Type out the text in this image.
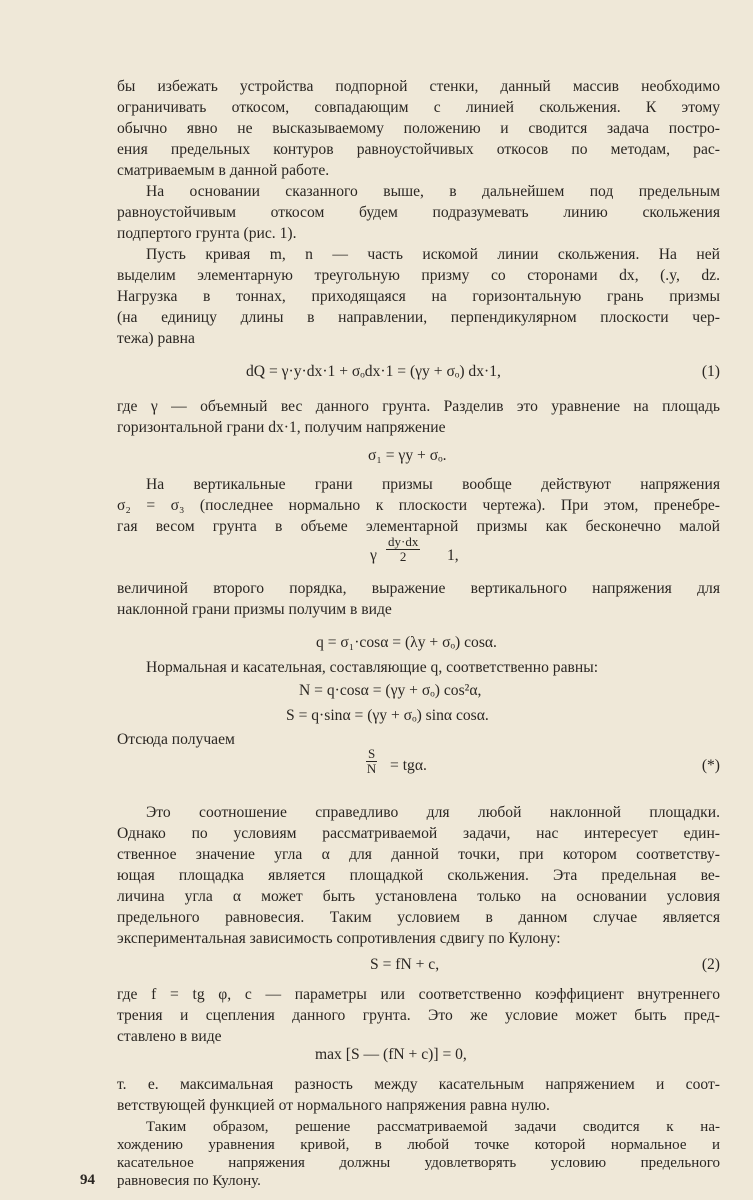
бы избежать устройства подпорной стенки, данный массив необходимо
ограничивать откосом, совпадающим с линией скольжения. К этому
обычно явно не высказываемому положению и сводится задача постро-
ения предельных контуров равноустойчивых откосов по методам, рас-
сматриваемым в данной работе.
На основании сказанного выше, в дальнейшем под предельным
равноустойчивым откосом будем подразумевать линию скольжения
подпертого грунта (рис. 1).
Пусть кривая m, n — часть искомой линии скольжения. На ней
выделим элементарную треугольную призму со сторонами dx, (.y, dz.
Нагрузка в тоннах, приходящаяся на горизонтальную грань призмы
(на единицу длины в направлении, перпендикулярном плоскости чер-
тежа) равна
dQ = γ·y·dx·1 + σₒdx·1 = (γy + σₒ) dx·1,	(1)
где γ — объемный вес данного грунта. Разделив это уравнение на площадь
горизонтальной грани dx·1, получим напряжение
σ₁ = γy + σₒ.
На вертикальные грани призмы вообще действуют напряжения
σ₂ = σ₃ (последнее нормально к плоскости чертежа). При этом, пренебре-
гая весом грунта в объеме элементарной призмы как бесконечно малой
γ $\frac{dy\cdot dx}{2} 1$,
величиной второго порядка, выражение вертикального напряжения для
наклонной грани призмы получим в виде
q = σ₁·cosα = (λy + σₒ) cosα.
Нормальная и касательная, составляющие q, соответственно равны:
N = q·cosα = (γy + σₒ) cos²α,
S = q·sinα = (γy + σₒ) sinα cosα.
Отсюда получаем
$\frac{S}{N} = tg\alpha$.	(*)
Это соотношение справедливо для любой наклонной площадки.
Однако по условиям рассматриваемой задачи, нас интересует един-
ственное значение угла α для данной точки, при котором соответству-
ющая площадка является площадкой скольжения. Эта предельная ве-
личина угла α может быть установлена только на основании условия
предельного равновесия. Таким условием в данном случае является
экспериментальная зависимость сопротивления сдвигу по Кулону:
S = fN + c,	(2)
где f = tg φ, c — параметры или соответственно коэффициент внутреннего
трения и сцепления данного грунта. Это же условие может быть пред-
ставлено в виде
max [S — (fN + c)] = 0,
т. е. максимальная разность между касательным напряжением и соот-
ветствующей функцией от нормального напряжения равна нулю.
Таким образом, решение рассматриваемой задачи сводится к на-
хождению уравнения кривой, в любой точке которой нормальное и
касательное напряжения должны удовлетворять условию предельного
равновесия по Кулону.
94
